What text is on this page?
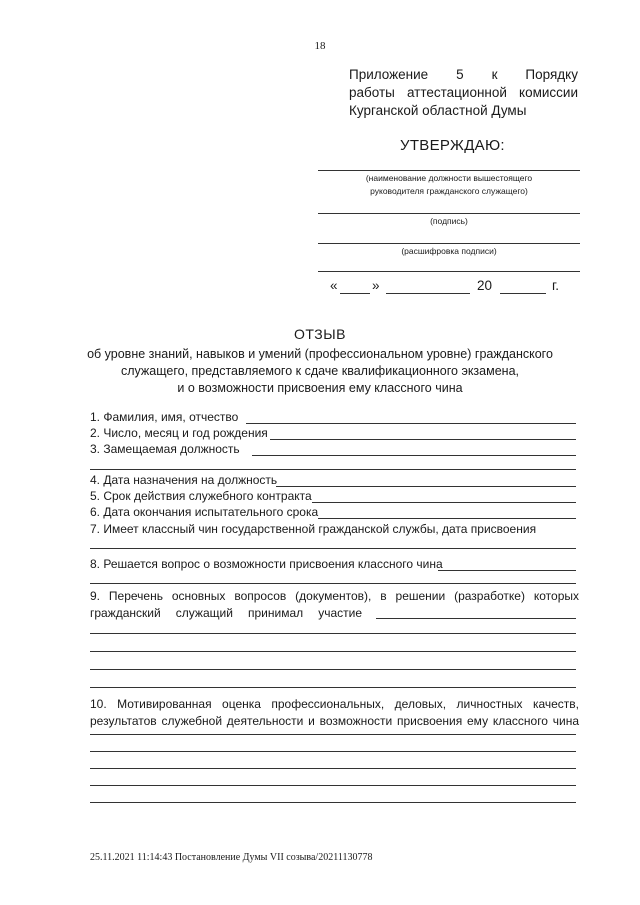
18
Приложение 5 к Порядку
работы аттестационной комиссии
Курганской областной Думы
УТВЕРЖДАЮ:
(наименование должности вышестоящего
руководителя гражданского служащего)
(подпись)
(расшифровка подписи)
«	»	20	г.
ОТЗЫВ
об уровне знаний, навыков и умений (профессиональном уровне) гражданского
служащего, представляемого к сдаче квалификационного экзамена,
и о возможности присвоения ему классного чина
1. Фамилия, имя, отчество
2. Число, месяц и год рождения
3. Замещаемая должность
4. Дата назначения на должность
5. Срок действия служебного контракта
6. Дата окончания испытательного срока
7. Имеет классный чин государственной гражданской службы, дата присвоения
8. Решается вопрос о возможности присвоения классного чина
9. Перечень основных вопросов (документов), в решении (разработке) которых
гражданский служащий принимал участие
10. Мотивированная оценка профессиональных, деловых, личностных качеств,
результатов служебной деятельности и возможности присвоения ему классного чина
25.11.2021 11:14:43 Постановление Думы VII созыва/20211130778
